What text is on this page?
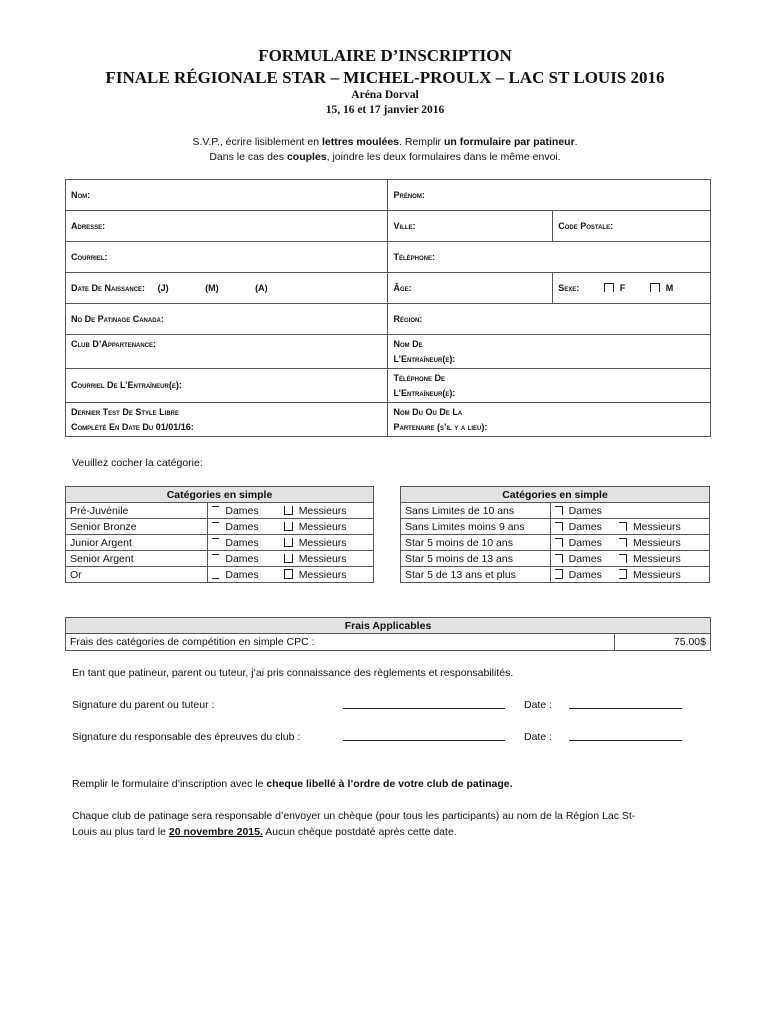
FORMULAIRE D’INSCRIPTION
FINALE RÉGIONALE STAR – MICHEL-PROULX – LAC ST LOUIS 2016
Aréna Dorval
15, 16 et 17 janvier 2016
S.V.P., écrire lisiblement en lettres moulées. Remplir un formulaire par patineur.
Dans le cas des couples, joindre les deux formulaires dans le même envoi.
Nom:	Prénom:	
Adresse:	Ville:	Code Postale:
Courriel:	Téléphone:	
Date De Naissance: (J) (M) (A)	Âge:	Sexe: F M
No De Patinage Canada:	Région:	
Club D’Appartenance:	Nom De
L’Entraîneur(e):	
Courriel De L’Entraîneur(e):	Téléphone De
L’Entraîneur(e):	
Dernier Test De Style Libre
Complété En Date Du 01/01/16:	Nom Du Ou De La
Partenaire (s’il y a lieu):	
Veuillez cocher la catégorie:
Catégories en simple		
Pré-Juvénile	Dames	Messieurs
Senior Bronze	Dames	Messieurs
Junior Argent	Dames	Messieurs
Senior Argent	Dames	Messieurs
Or	Dames	Messieurs
Catégories en simple		
Sans Limites de 10 ans	Dames	
Sans Limites moins 9 ans	Dames	Messieurs
Star 5 moins de 10 ans	Dames	Messieurs
Star 5 moins de 13 ans	Dames	Messieurs
Star 5 de 13 ans et plus	Dames	Messieurs
Frais Applicables
Frais des catégories de compétition en simple CPC :	75.00$
En tant que patineur, parent ou tuteur, j’ai pris connaissance des règlements et responsabilités.
Signature du parent ou tuteur :	Date :
Signature du responsable des épreuves du club :	Date :
Remplir le formulaire d’inscription avec le cheque libellé à l’ordre de votre club de patinage.
Chaque club de patinage sera responsable d’envoyer un chèque (pour tous les participants) au nom de la Région Lac St-
Louis au plus tard le 20 novembre 2015. Aucun chèque postdaté après cette date.
